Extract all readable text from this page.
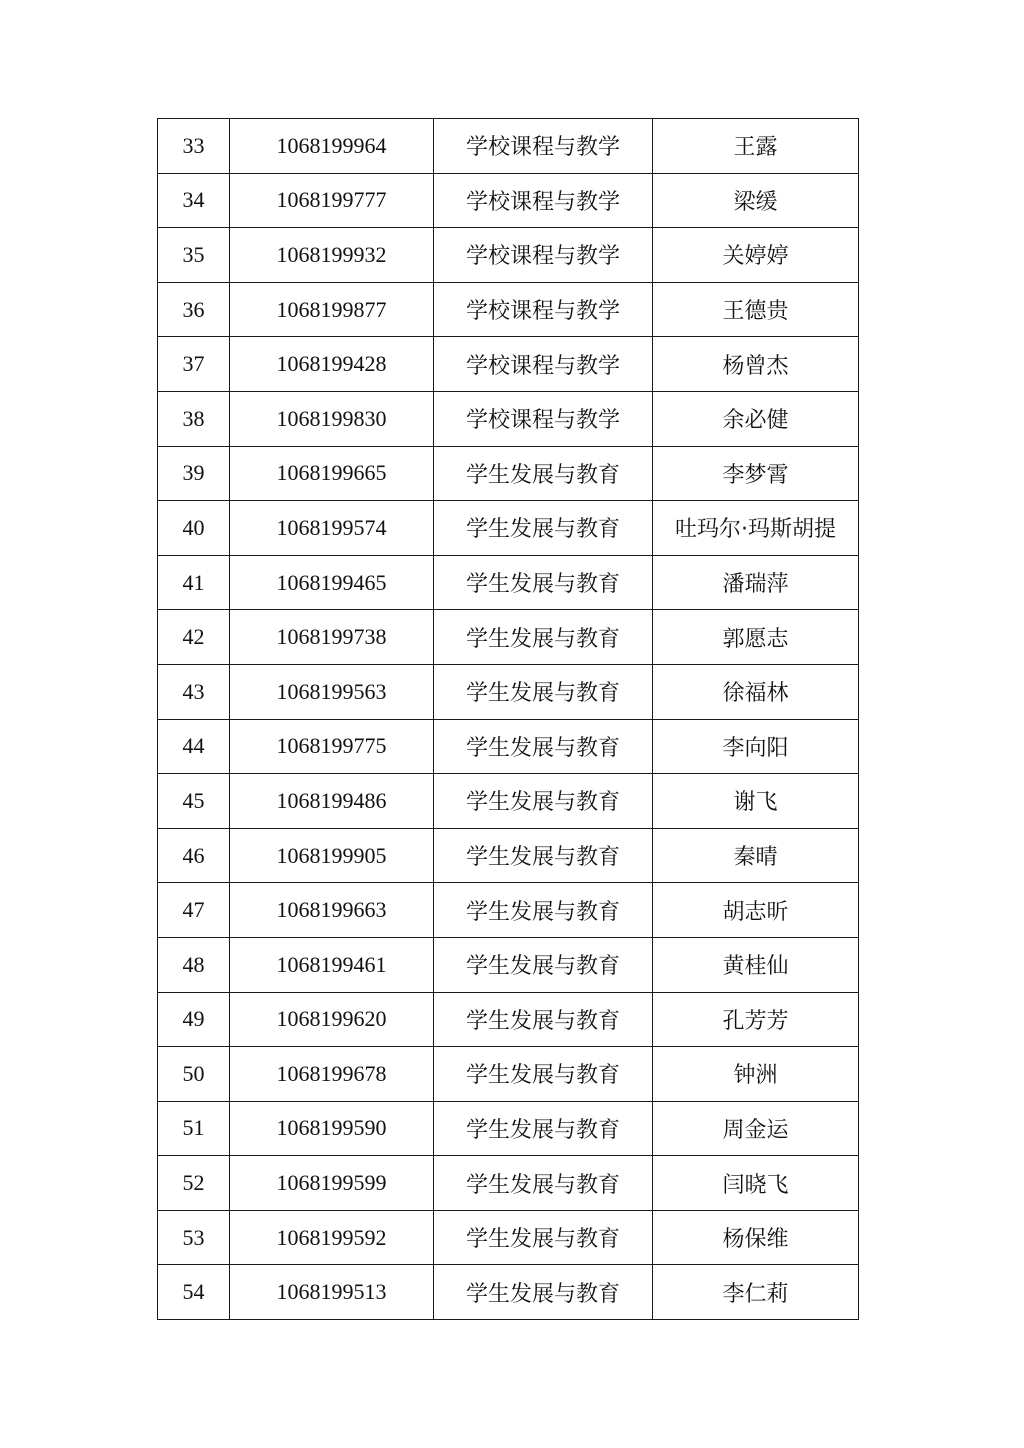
33	1068199964	学校课程与教学	王露
34	1068199777	学校课程与教学	梁缓
35	1068199932	学校课程与教学	关婷婷
36	1068199877	学校课程与教学	王德贵
37	1068199428	学校课程与教学	杨曾杰
38	1068199830	学校课程与教学	余必健
39	1068199665	学生发展与教育	李梦霄
40	1068199574	学生发展与教育	吐玛尔·玛斯胡提
41	1068199465	学生发展与教育	潘瑞萍
42	1068199738	学生发展与教育	郭愿志
43	1068199563	学生发展与教育	徐福林
44	1068199775	学生发展与教育	李向阳
45	1068199486	学生发展与教育	谢飞
46	1068199905	学生发展与教育	秦晴
47	1068199663	学生发展与教育	胡志昕
48	1068199461	学生发展与教育	黄桂仙
49	1068199620	学生发展与教育	孔芳芳
50	1068199678	学生发展与教育	钟洲
51	1068199590	学生发展与教育	周金运
52	1068199599	学生发展与教育	闫晓飞
53	1068199592	学生发展与教育	杨保维
54	1068199513	学生发展与教育	李仁莉
